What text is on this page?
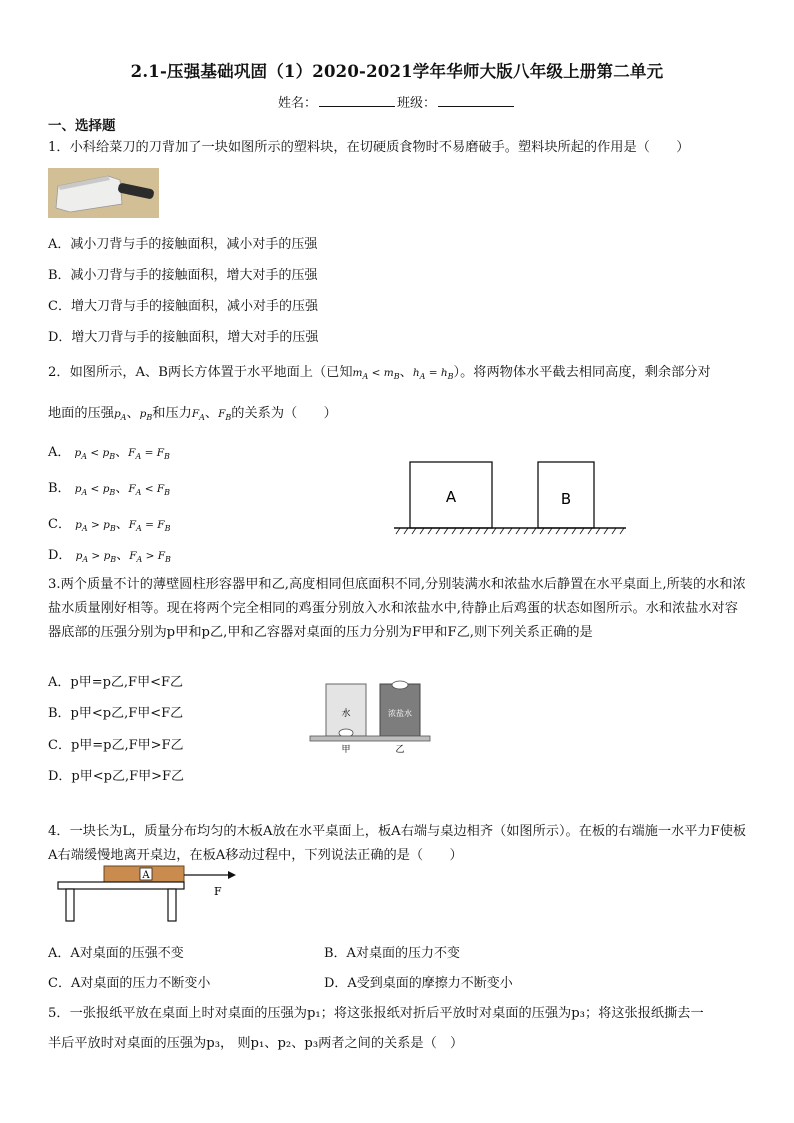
2.1-压强基础巩固（1）2020-2021学年华师大版八年级上册第二单元
姓名：	班级：
一、选择题
1．小科给菜刀的刀背加了一块如图所示的塑料块，在切硬质食物时不易磨破手。塑料块所起的作用是（　　）
A．减小刀背与手的接触面积，减小对手的压强
B．减小刀背与手的接触面积，增大对手的压强
C．增大刀背与手的接触面积，减小对手的压强
D．增大刀背与手的接触面积，增大对手的压强
2．如图所示，A、B两长方体置于水平地面上（已知$m_A < m_B$、$h_A = h_B$）。将两物体水平截去相同高度，剩余部分对
地面的压强$p_A$、$p_B$和压力$F_A$、$F_B$的关系为（　　）
A． $p_A < p_B$、$F_A = F_B$
B． $p_A < p_B$、$F_A < F_B$
C． $p_A > p_B$、$F_A = F_B$
D． $p_A > p_B$、$F_A > F_B$
A	B
3.两个质量不计的薄壁圆柱形容器甲和乙,高度相同但底面积不同,分别装满水和浓盐水后静置在水平桌面上,所装的水和浓盐水质量刚好相等。现在将两个完全相同的鸡蛋分别放入水和浓盐水中,待静止后鸡蛋的状态如图所示。水和浓盐水对容器底部的压强分别为p甲和p乙,甲和乙容器对桌面的压力分别为F甲和F乙,则下列关系正确的是
A．p甲=p乙,F甲<F乙
B．p甲<p乙,F甲<F乙
C．p甲=p乙,F甲>F乙
D．p甲<p乙,F甲>F乙
水	浓盐水
甲	乙
4．一块长为L，质量分布均匀的木板A放在水平桌面上，板A右端与桌边相齐（如图所示）。在板的右端施一水平力F使板A右端缓慢地离开桌边，在板A移动过程中，下列说法正确的是（　　）
A
F
A．A对桌面的压强不变	B．A对桌面的压力不变
C．A对桌面的压力不断变小	D．A受到桌面的摩擦力不断变小
5．一张报纸平放在桌面上时对桌面的压强为p₁；将这张报纸对折后平放时对桌面的压强为p₃；将这张报纸撕去一
半后平放时对桌面的压强为p₃， 则p₁、p₂、p₃两者之间的关系是（　）
